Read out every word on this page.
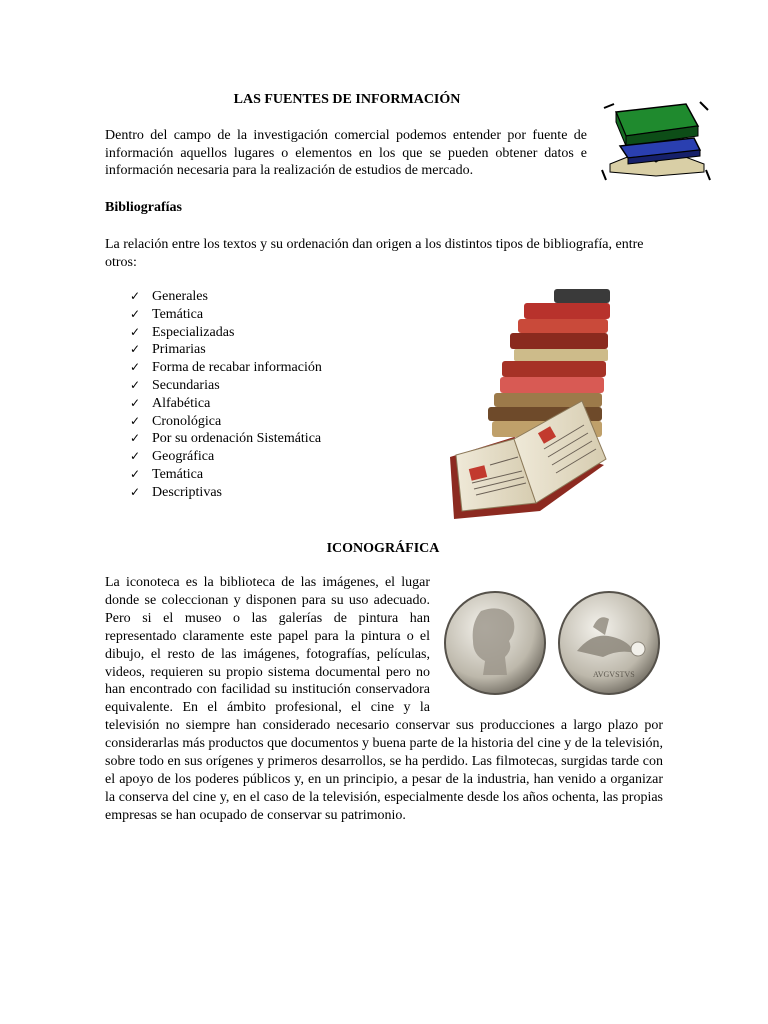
LAS FUENTES DE INFORMACIÓN
Dentro del campo de la investigación comercial podemos entender por fuente de información aquellos lugares o elementos en los que se pueden obtener datos e información necesaria para la realización de estudios de mercado.
Bibliografías
La relación entre los textos y su ordenación dan origen a los distintos tipos de bibliografía, entre otros:
✓ Generales
✓ Temática
✓ Especializadas
✓ Primarias
✓ Forma de recabar información
✓ Secundarias
✓ Alfabética
✓ Cronológica
✓ Por su ordenación Sistemática
✓ Geográfica
✓ Temática
✓ Descriptivas
ICONOGRÁFICA

La iconoteca es la biblioteca de las imágenes, el lugar donde se coleccionan y disponen para su uso adecuado. Pero si el museo o las galerías de pintura han representado claramente este papel para la pintura o el dibujo, el resto de las imágenes, fotografías, películas, videos, requieren su propio sistema documental pero no han encontrado con facilidad su institución conservadora equivalente. En el ámbito profesional, el cine y la televisión no siempre han considerado necesario conservar sus producciones a largo plazo por considerarlas más productos que documentos y buena parte de la historia del cine y de la televisión, sobre todo en sus orígenes y primeros desarrollos, se ha perdido. Las filmotecas, surgidas tarde con el apoyo de los poderes públicos y, en un principio, a pesar de la industria, han venido a organizar la conserva del cine y, en el caso de la televisión, especialmente desde los años ochenta, las propias empresas se han ocupado de conservar su patrimonio.

AVGVSTVS
